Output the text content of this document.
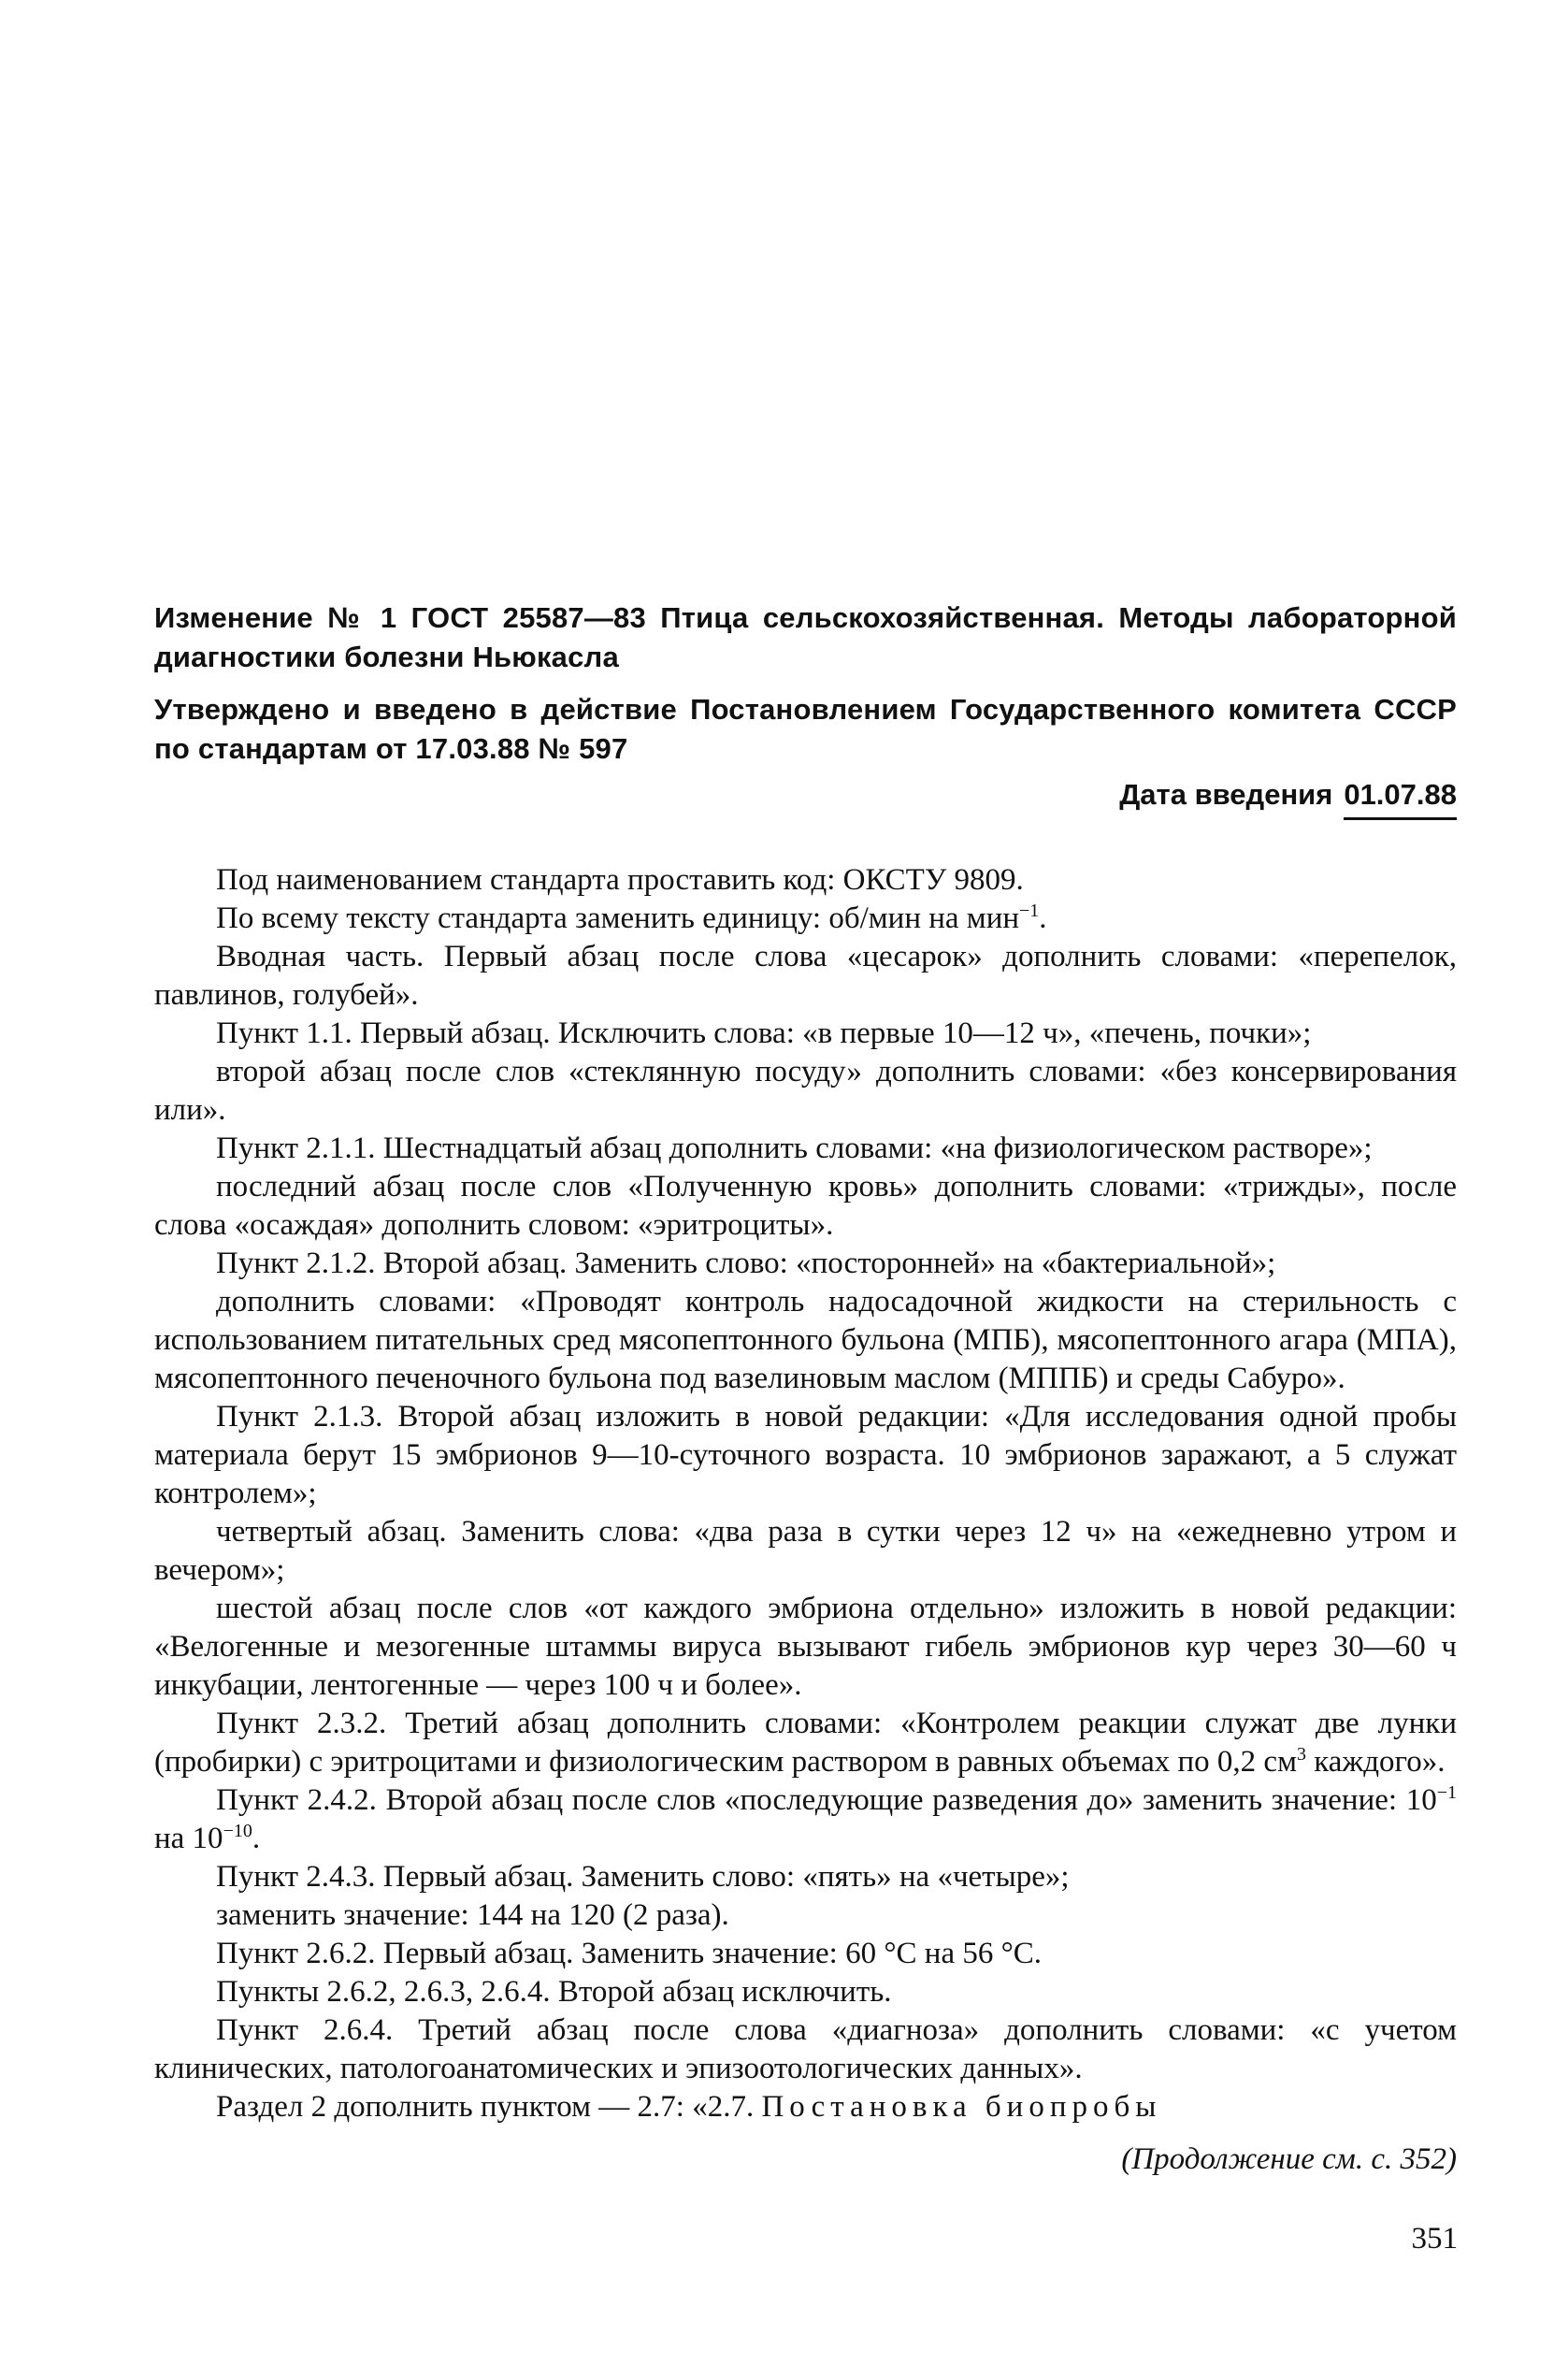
Изменение № 1 ГОСТ 25587—83 Птица сельскохозяйственная. Методы лабораторной диагностики болезни Ньюкасла

Утверждено и введено в действие Постановлением Государственного комитета СССР по стандартам от 17.03.88 № 597

Дата введения 01.07.88

Под наименованием стандарта проставить код: ОКСТУ 9809.

По всему тексту стандарта заменить единицу: об/мин на мин$^{-1}$.

Вводная часть. Первый абзац после слова «цесарок» дополнить словами: «перепелок, павлинов, голубей».

Пункт 1.1. Первый абзац. Исключить слова: «в первые 10—12 ч», «печень, почки»;

второй абзац после слов «стеклянную посуду» дополнить словами: «без консервирования или».

Пункт 2.1.1. Шестнадцатый абзац дополнить словами: «на физиологическом растворе»;

последний абзац после слов «Полученную кровь» дополнить словами: «трижды», после слова «осаждая» дополнить словом: «эритроциты».

Пункт 2.1.2. Второй абзац. Заменить слово: «посторонней» на «бактериальной»;

дополнить словами: «Проводят контроль надосадочной жидкости на стерильность с использованием питательных сред мясопептонного бульона (МПБ), мясопептонного агара (МПА), мясопептонного печеночного бульона под вазелиновым маслом (МППБ) и среды Сабуро».

Пункт 2.1.3. Второй абзац изложить в новой редакции: «Для исследования одной пробы материала берут 15 эмбрионов 9—10-суточного возраста. 10 эмбрионов заражают, а 5 служат контролем»;

четвертый абзац. Заменить слова: «два раза в сутки через 12 ч» на «ежедневно утром и вечером»;

шестой абзац после слов «от каждого эмбриона отдельно» изложить в новой редакции: «Велогенные и мезогенные штаммы вируса вызывают гибель эмбрионов кур через 30—60 ч инкубации, лентогенные — через 100 ч и более».

Пункт 2.3.2. Третий абзац дополнить словами: «Контролем реакции служат две лунки (пробирки) с эритроцитами и физиологическим раствором в равных объемах по 0,2 $см^3$ каждого».

Пункт 2.4.2. Второй абзац после слов «последующие разведения до» заменить значение: $10^{-1}$ на $10^{-10}$.

Пункт 2.4.3. Первый абзац. Заменить слово: «пять» на «четыре»;

заменить значение: 144 на 120 (2 раза).

Пункт 2.6.2. Первый абзац. Заменить значение: 60 °С на 56 °С.

Пункты 2.6.2, 2.6.3, 2.6.4. Второй абзац исключить.

Пункт 2.6.4. Третий абзац после слова «диагноза» дополнить словами: «с учетом клинических, патологоанатомических и эпизоотологических данных».

Раздел 2 дополнить пунктом — 2.7: «2.7. Постановка биопробы

(Продолжение см. с. 352)
351
